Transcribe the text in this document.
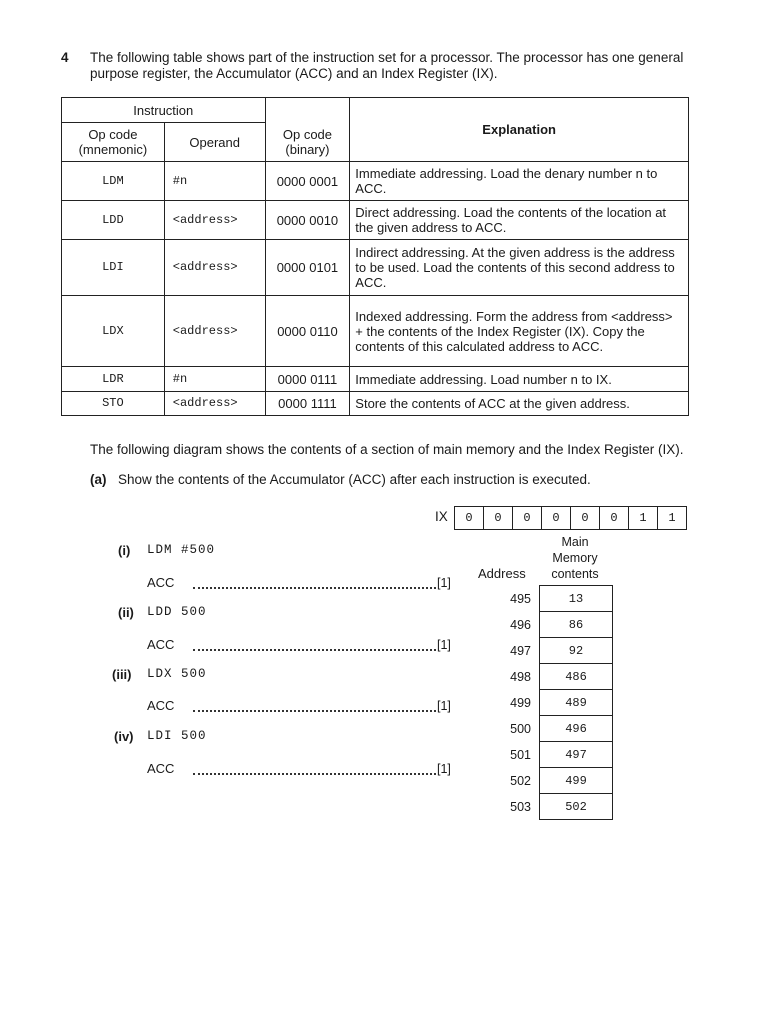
4 The following table shows part of the instruction set for a processor. The processor has one general purpose register, the Accumulator (ACC) and an Index Register (IX).

Instruction			Explanation
Op code (mnemonic)	Operand	Op code (binary)	
LDM	#n	0000 0001	Immediate addressing. Load the denary number n to ACC.
LDD	<address>	0000 0010	Direct addressing. Load the contents of the location at the given address to ACC.
LDI	<address>	0000 0101	Indirect addressing. At the given address is the address to be used. Load the contents of this second address to ACC.
LDX	<address>	0000 0110	Indexed addressing. Form the address from <address> + the contents of the Index Register (IX). Copy the contents of this calculated address to ACC.
LDR	#n	0000 0111	Immediate addressing. Load number n to IX.
STO	<address>	0000 1111	Store the contents of ACC at the given address.

The following diagram shows the contents of a section of main memory and the Index Register (IX).

(a) Show the contents of the Accumulator (ACC) after each instruction is executed.
IX	0	0	0	0	0	0	1	1
(i) LDM #500
ACC	[1]
(ii) LDD 500
ACC	[1]
(iii) LDX 500
ACC	[1]
(iv) LDI 500
ACC	[1]
Address
Main Memory contents
495	13
496	86
497	92
498	486
499	489
500	496
501	497
502	499
503	502
